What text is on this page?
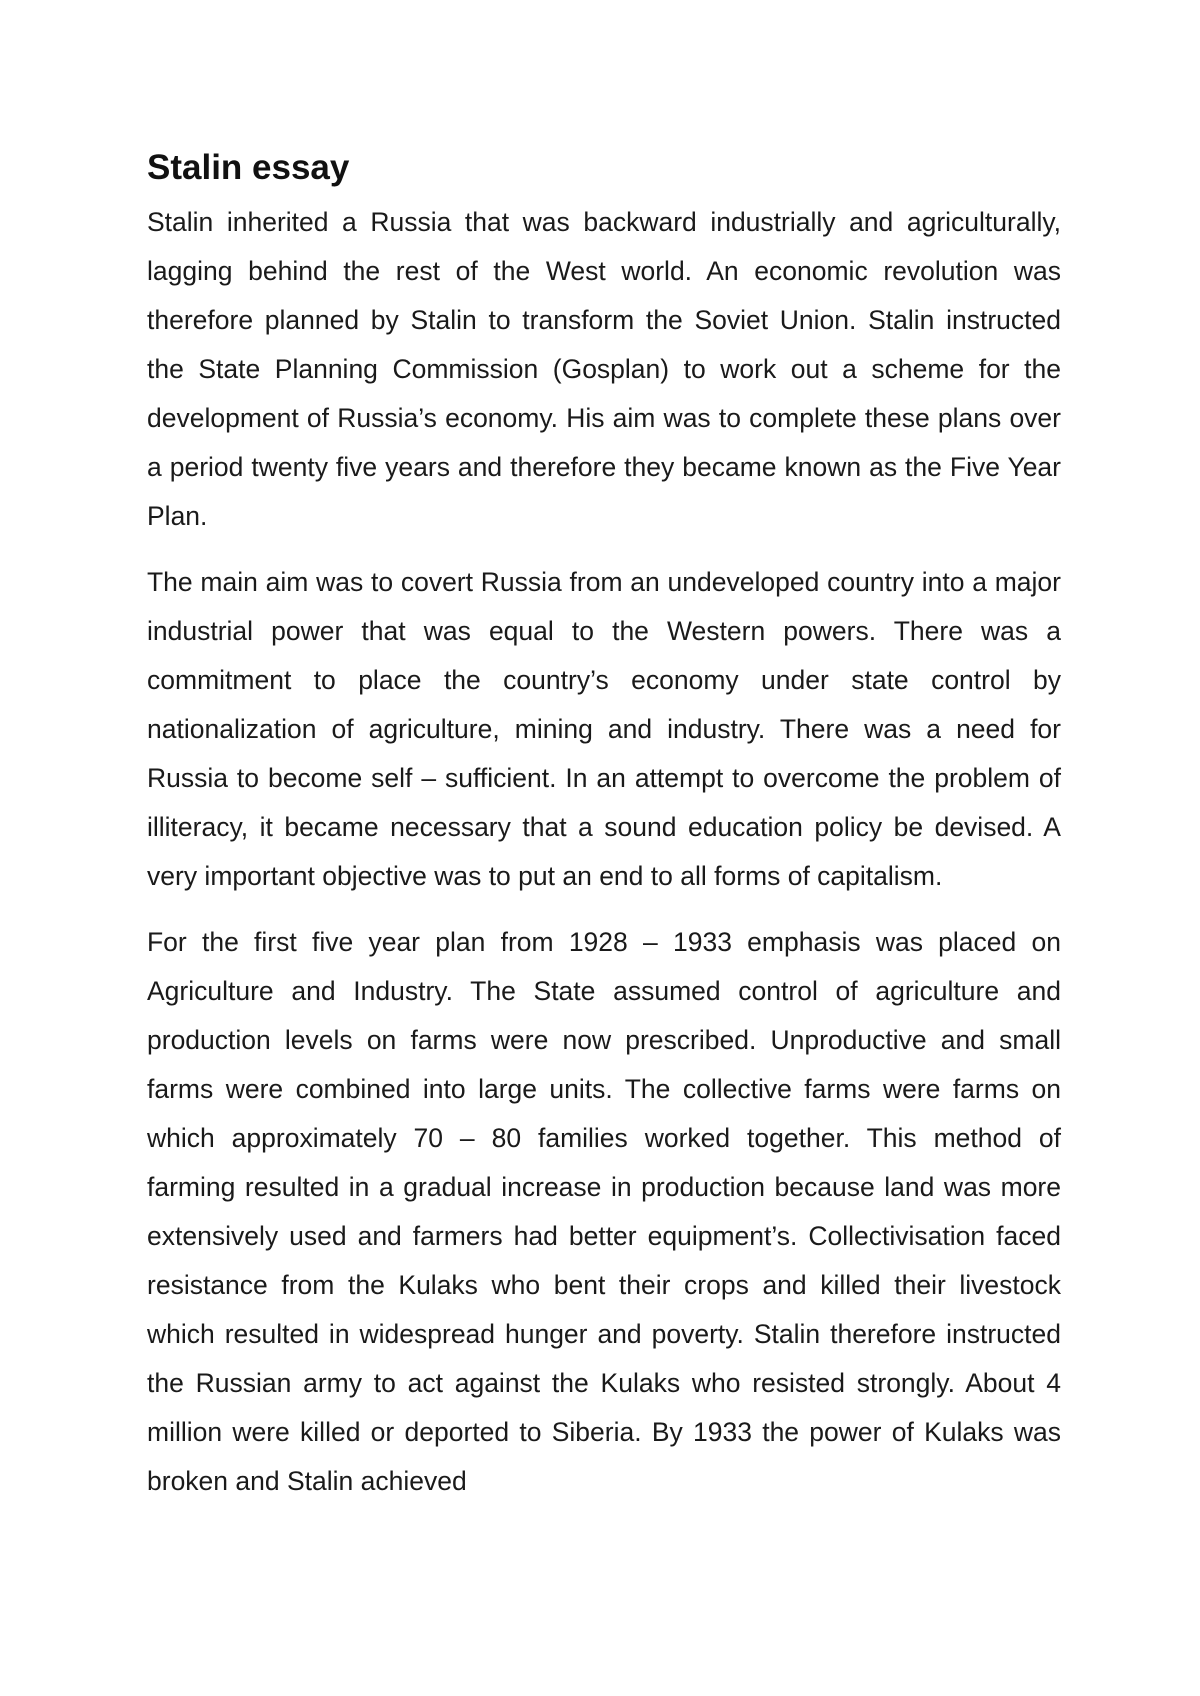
Stalin essay

Stalin inherited a Russia that was backward industrially and agriculturally, lagging behind the rest of the West world. An economic revolution was therefore planned by Stalin to transform the Soviet Union. Stalin instructed the State Planning Commission (Gosplan) to work out a scheme for the development of Russia’s economy. His aim was to complete these plans over a period twenty five years and therefore they became known as the Five Year Plan.

The main aim was to covert Russia from an undeveloped country into a major industrial power that was equal to the Western powers. There was a commitment to place the country’s economy under state control by nationalization of agriculture, mining and industry. There was a need for Russia to become self – sufficient. In an attempt to overcome the problem of illiteracy, it became necessary that a sound education policy be devised. A very important objective was to put an end to all forms of capitalism.

For the first five year plan from 1928 – 1933 emphasis was placed on Agriculture and Industry. The State assumed control of agriculture and production levels on farms were now prescribed. Unproductive and small farms were combined into large units. The collective farms were farms on which approximately 70 – 80 families worked together. This method of farming resulted in a gradual increase in production because land was more extensively used and farmers had better equipment’s. Collectivisation faced resistance from the Kulaks who bent their crops and killed their livestock which resulted in widespread hunger and poverty. Stalin therefore instructed the Russian army to act against the Kulaks who resisted strongly. About 4 million were killed or deported to Siberia. By 1933 the power of Kulaks was broken and Stalin achieved
